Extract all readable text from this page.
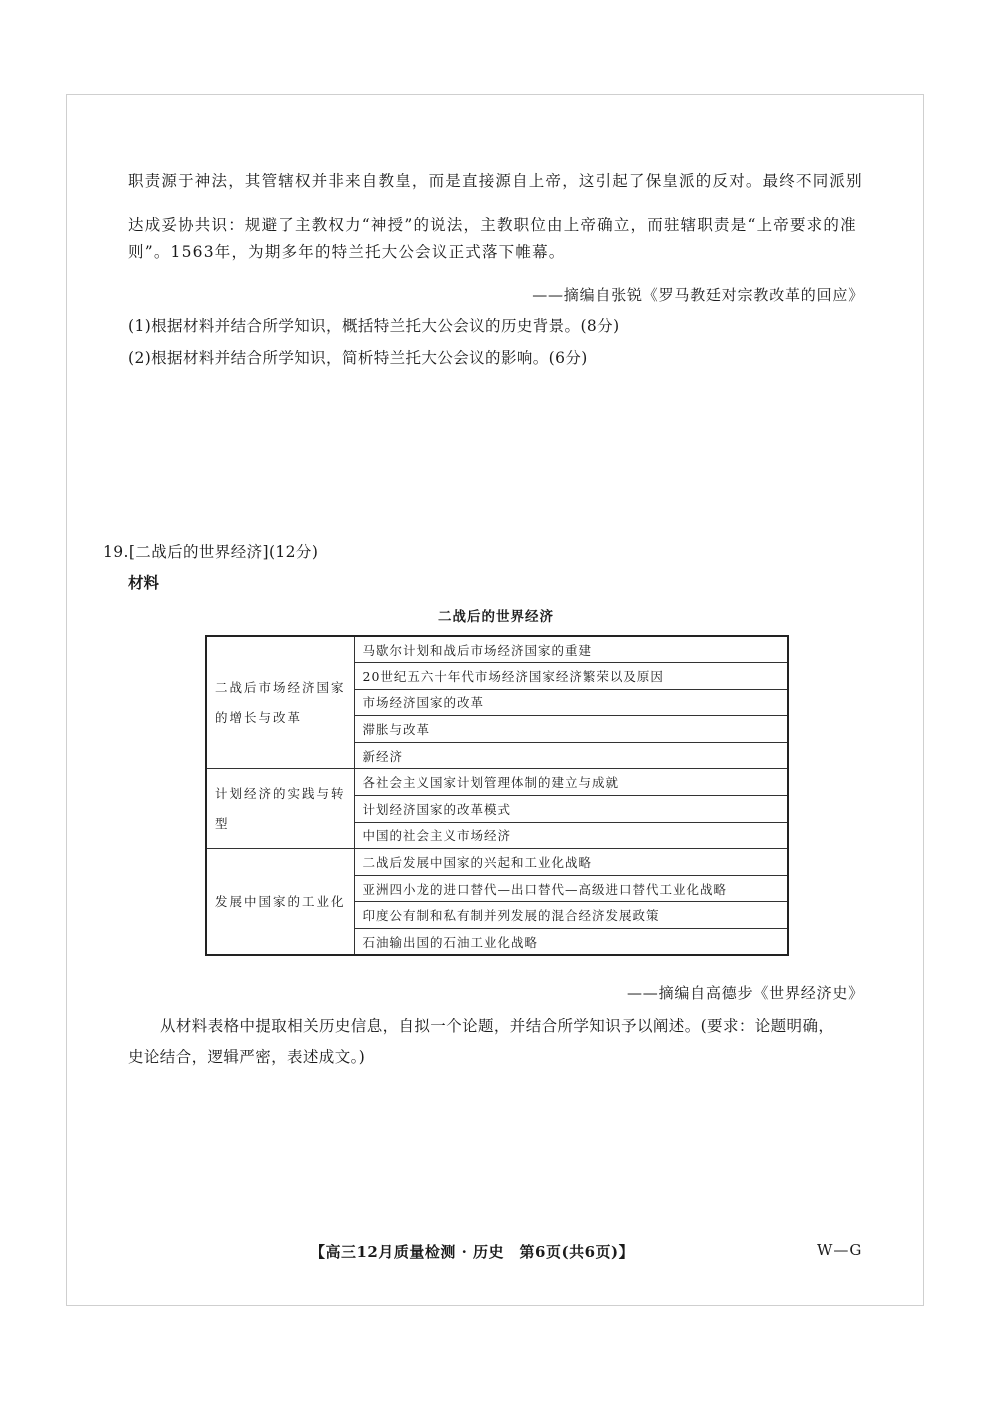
职责源于神法，其管辖权并非来自教皇，而是直接源自上帝，这引起了保皇派的反对。最终不同派别
达成妥协共识：规避了主教权力“神授”的说法，主教职位由上帝确立，而驻辖职责是“上帝要求的准
则”。1563年，为期多年的特兰托大公会议正式落下帷幕。
——摘编自张锐《罗马教廷对宗教改革的回应》
(1)根据材料并结合所学知识，概括特兰托大公会议的历史背景。(8分)
(2)根据材料并结合所学知识，简析特兰托大公会议的影响。(6分)
19.[二战后的世界经济](12分)
材料
二战后的世界经济
二战后市场经济国家的增长与改革	马歇尔计划和战后市场经济国家的重建
	20世纪五六十年代市场经济国家经济繁荣以及原因
	市场经济国家的改革
	滞胀与改革
	新经济
计划经济的实践与转型	各社会主义国家计划管理体制的建立与成就
	计划经济国家的改革模式
	中国的社会主义市场经济
发展中国家的工业化	二战后发展中国家的兴起和工业化战略
	亚洲四小龙的进口替代—出口替代—高级进口替代工业化战略
	印度公有制和私有制并列发展的混合经济发展政策
	石油输出国的石油工业化战略
——摘编自高德步《世界经济史》
从材料表格中提取相关历史信息，自拟一个论题，并结合所学知识予以阐述。(要求：论题明确，
史论结合，逻辑严密，表述成文。)
【高三12月质量检测 · 历史　第6页(共6页)】	W—G
